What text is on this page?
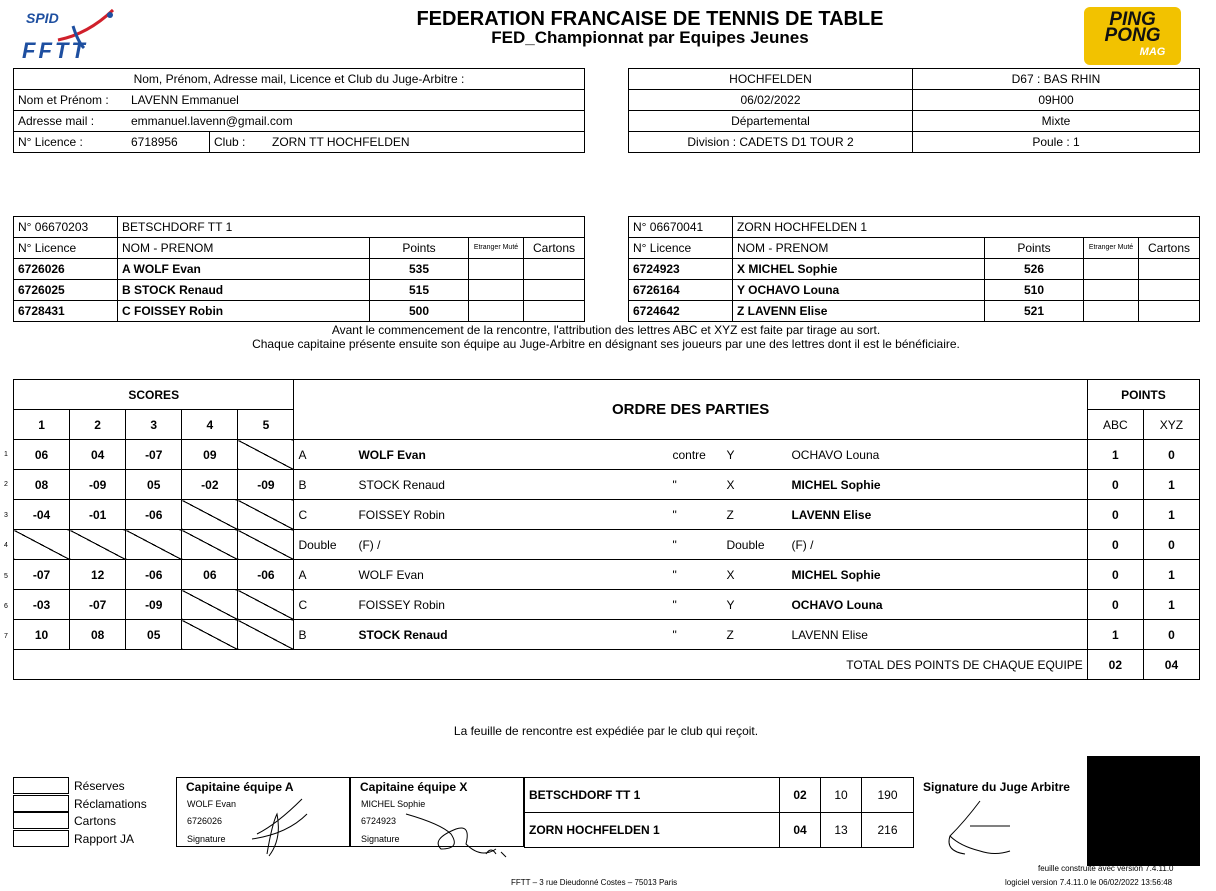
SPID
FFTT
FEDERATION FRANCAISE DE TENNIS DE TABLE
FED_Championnat par Equipes Jeunes
PING
PONG
MAG
Nom, Prénom, Adresse mail, Licence et Club du Juge-Arbitre :			
Nom et Prénom :	LAVENN Emmanuel		
Adresse mail :	emmanuel.lavenn@gmail.com		
N° Licence :	6718956	Club :	ZORN TT HOCHFELDEN
HOCHFELDEN	D67 : BAS RHIN
06/02/2022	09H00
Départemental	Mixte
Division : CADETS D1 TOUR 2	Poule : 1
N° 06670203	BETSCHDORF TT 1			
N° Licence	NOM - PRENOM	Points	Etranger Muté	Cartons
6726026	A WOLF Evan	535		
6726025	B STOCK Renaud	515		
6728431	C FOISSEY Robin	500		
N° 06670041	ZORN HOCHFELDEN 1			
N° Licence	NOM - PRENOM	Points	Etranger Muté	Cartons
6724923	X MICHEL Sophie	526		
6726164	Y OCHAVO Louna	510		
6724642	Z LAVENN Elise	521		
Avant le commencement de la rencontre, l'attribution des lettres ABC et XYZ est faite par tirage au sort.
Chaque capitaine présente ensuite son équipe au Juge-Arbitre en désignant ses joueurs par une des lettres dont il est le bénéficiaire.
SCORES					ORDRE DES PARTIES	POINTS	
1	2	3	4	5		ABC	XYZ
06	04	-07	09		A WOLF Evan contre Y OCHAVO Louna	1	0
08	-09	05	-02	-09	B STOCK Renaud " X MICHEL Sophie	0	1
-04	-01	-06			C FOISSEY Robin " Z LAVENN Elise	0	1

					Double (F) / " Double (F) /	0	0
-07	12	-06	06	-06	A WOLF Evan " X MICHEL Sophie	0	1
-03	-07	-09			C FOISSEY Robin " Y OCHAVO Louna	0	1
10	08	05			B STOCK Renaud " Z LAVENN Elise	1	0
TOTAL DES POINTS DE CHAQUE EQUIPE						02	04
1
2
3
4
5
6
7
La feuille de rencontre est expédiée par le club qui reçoit.
Réserves
Réclamations
Cartons
Rapport JA
Capitaine équipe A
WOLF Evan
6726026
Signature
Capitaine équipe X
MICHEL Sophie
6724923
Signature
BETSCHDORF TT 1	02	10	190
ZORN HOCHFELDEN 1	04	13	216
Signature du Juge Arbitre
feuille construite avec version 7.4.11.0
logiciel version 7.4.11.0 le 06/02/2022 13:56:48
FFTT – 3 rue Dieudonné Costes – 75013 Paris
